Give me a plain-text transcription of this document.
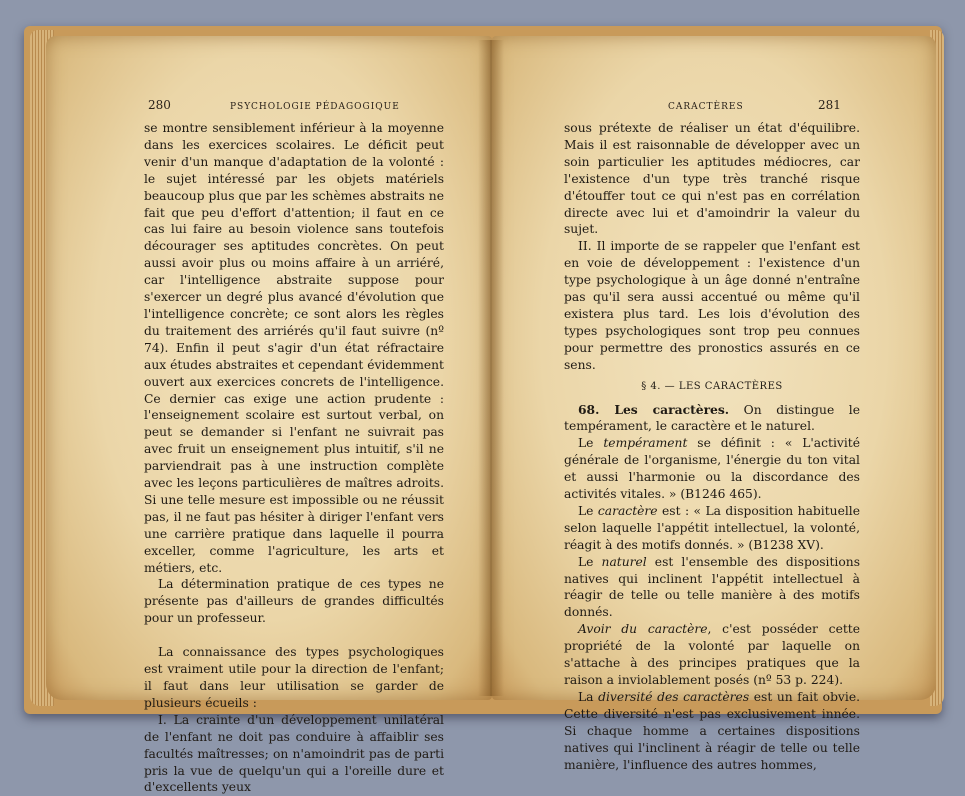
280	PSYCHOLOGIE PÉDAGOGIQUE

se montre sensiblement inférieur à la moyenne dans les exercices scolaires. Le déficit peut venir d'un manque d'adaptation de la volonté : le sujet intéressé par les objets matériels beaucoup plus que par les schèmes abstraits ne fait que peu d'effort d'attention; il faut en ce cas lui faire au besoin violence sans toutefois décourager ses aptitudes concrètes. On peut aussi avoir plus ou moins affaire à un arriéré, car l'intelligence abstraite suppose pour s'exercer un degré plus avancé d'évolution que l'intelligence concrète; ce sont alors les règles du traitement des arriérés qu'il faut suivre (nº 74). Enfin il peut s'agir d'un état réfractaire aux études abstraites et cependant évidemment ouvert aux exercices concrets de l'intelligence. Ce dernier cas exige une action prudente : l'enseignement scolaire est surtout verbal, on peut se demander si l'enfant ne suivrait pas avec fruit un enseignement plus intuitif, s'il ne parviendrait pas à une instruction complète avec les leçons particulières de maîtres adroits. Si une telle mesure est impossible ou ne réussit pas, il ne faut pas hésiter à diriger l'enfant vers une carrière pratique dans laquelle il pourra exceller, comme l'agriculture, les arts et métiers, etc.

La détermination pratique de ces types ne présente pas d'ailleurs de grandes difficultés pour un professeur.

La connaissance des types psychologiques est vraiment utile pour la direction de l'enfant; il faut dans leur utilisation se garder de plusieurs écueils :

I. La crainte d'un développement unilatéral de l'enfant ne doit pas conduire à affaiblir ses facultés maîtresses; on n'amoindrit pas de parti pris la vue de quelqu'un qui a l'oreille dure et d'excellents yeux

CARACTÈRES	281

sous prétexte de réaliser un état d'équilibre. Mais il est raisonnable de développer avec un soin particulier les aptitudes médiocres, car l'existence d'un type très tranché risque d'étouffer tout ce qui n'est pas en corrélation directe avec lui et d'amoindrir la valeur du sujet.

II. Il importe de se rappeler que l'enfant est en voie de développement : l'existence d'un type psychologique à un âge donné n'entraîne pas qu'il sera aussi accentué ou même qu'il existera plus tard. Les lois d'évolution des types psychologiques sont trop peu connues pour permettre des pronostics assurés en ce sens.

§ 4. — LES CARACTÈRES

68. Les caractères. On distingue le tempérament, le caractère et le naturel.

Le tempérament se définit : « L'activité générale de l'organisme, l'énergie du ton vital et aussi l'harmonie ou la discordance des activités vitales. » (B1246 465).

Le caractère est : « La disposition habituelle selon laquelle l'appétit intellectuel, la volonté, réagit à des motifs donnés. » (B1238 XV).

Le naturel est l'ensemble des dispositions natives qui inclinent l'appétit intellectuel à réagir de telle ou telle manière à des motifs donnés.

Avoir du caractère, c'est posséder cette propriété de la volonté par laquelle on s'attache à des principes pratiques que la raison a inviolablement posés (nº 53 p. 224).

La diversité des caractères est un fait obvie. Cette diversité n'est pas exclusivement innée. Si chaque homme a certaines dispositions natives qui l'inclinent à réagir de telle ou telle manière, l'influence des autres hommes,
